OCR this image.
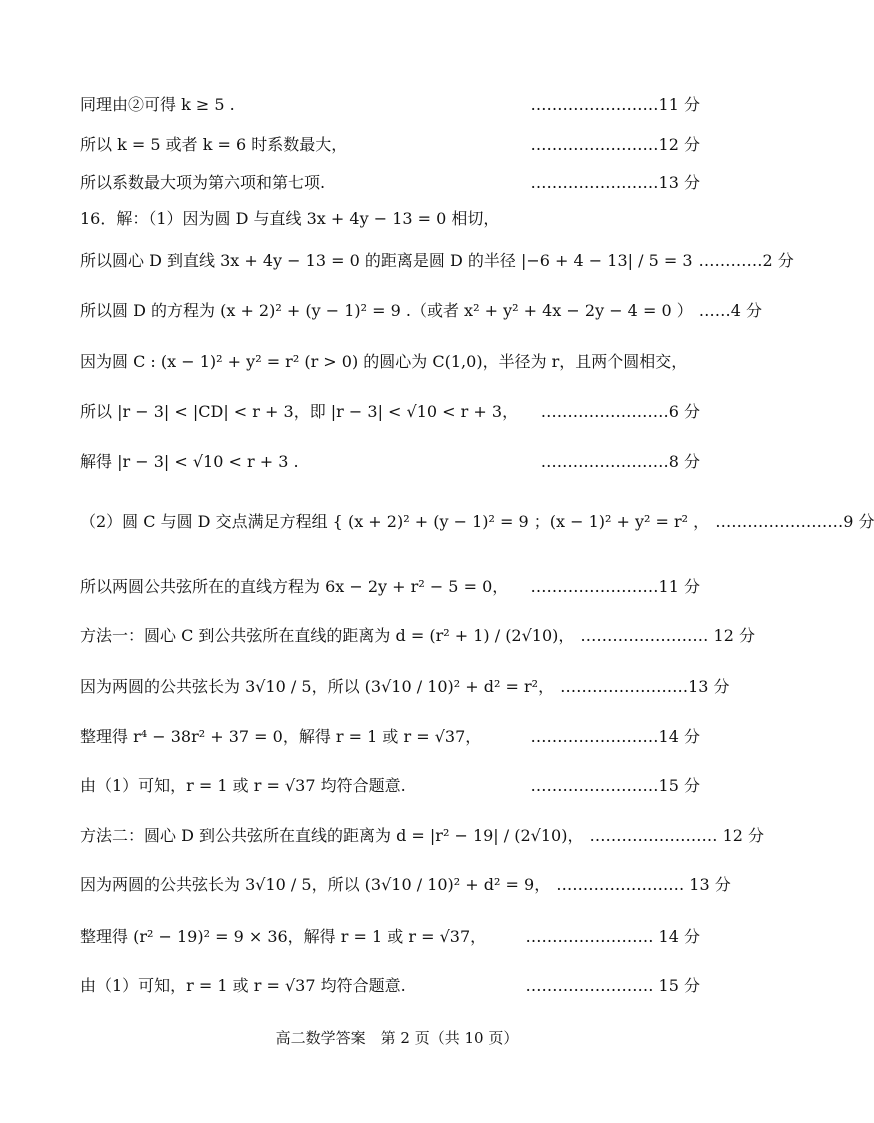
同理由②可得 k ≥ 5 .	……………………11 分
所以 k = 5 或者 k = 6 时系数最大，	……………………12 分
所以系数最大项为第六项和第七项.	……………………13 分
16．解：（1）因为圆 D 与直线 3x + 4y − 13 = 0 相切，
所以圆心 D 到直线 3x + 4y − 13 = 0 的距离是圆 D 的半径 |−6 + 4 − 13| / 5 = 3 …………2 分
所以圆 D 的方程为 (x + 2)² + (y − 1)² = 9 .（或者 x² + y² + 4x − 2y − 4 = 0 ） ……4 分
因为圆 C : (x − 1)² + y² = r² (r > 0) 的圆心为 C(1,0)，半径为 r，且两个圆相交，
所以 |r − 3| < |CD| < r + 3，即 |r − 3| < √10 < r + 3，	……………………6 分
解得 |r − 3| < √10 < r + 3 .	……………………8 分
（2）圆 C 与圆 D 交点满足方程组 { (x + 2)² + (y − 1)² = 9 ；(x − 1)² + y² = r² ， ……………………9 分
所以两圆公共弦所在的直线方程为 6x − 2y + r² − 5 = 0，	……………………11 分
方法一：圆心 C 到公共弦所在直线的距离为 d = (r² + 1) / (2√10)， …………………… 12 分
因为两圆的公共弦长为 3√10 / 5，所以 (3√10 / 10)² + d² = r²， ……………………13 分
整理得 r⁴ − 38r² + 37 = 0，解得 r = 1 或 r = √37，	……………………14 分
由（1）可知，r = 1 或 r = √37 均符合题意.	……………………15 分
方法二：圆心 D 到公共弦所在直线的距离为 d = |r² − 19| / (2√10)， …………………… 12 分
因为两圆的公共弦长为 3√10 / 5，所以 (3√10 / 10)² + d² = 9， …………………… 13 分
整理得 (r² − 19)² = 9 × 36，解得 r = 1 或 r = √37，	…………………… 14 分
由（1）可知，r = 1 或 r = √37 均符合题意.	…………………… 15 分
高二数学答案　第 2 页（共 10 页）
